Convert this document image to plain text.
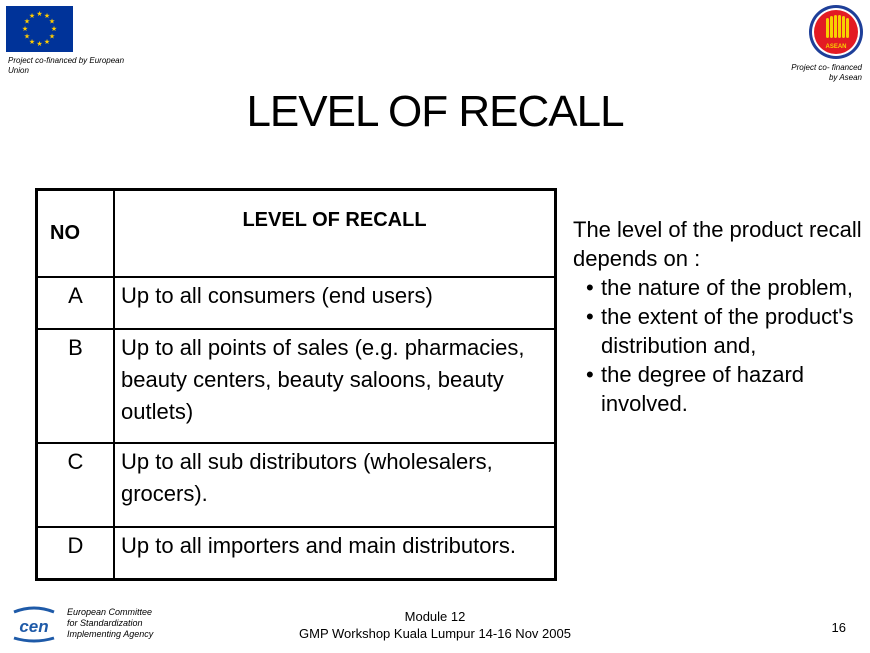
★ ★
★
★
★
★
★
★
★
★
★
★
Project co-financed by European Union
ASEAN
Project co- financed
by Asean
LEVEL OF RECALL
NO	LEVEL OF RECALL
A	Up to all consumers (end users)
B	Up to all points of sales (e.g. pharmacies, beauty centers, beauty saloons, beauty outlets)
C	Up to all sub distributors (wholesalers, grocers).
D	Up to all importers and main distributors.
The level of the product recall depends on :
• the nature of the problem,
• the extent of the product's distribution and,
• the degree of hazard involved.
cen
European Committee
for Standardization
Implementing Agency
Module 12
GMP Workshop Kuala Lumpur 14-16 Nov 2005	16
